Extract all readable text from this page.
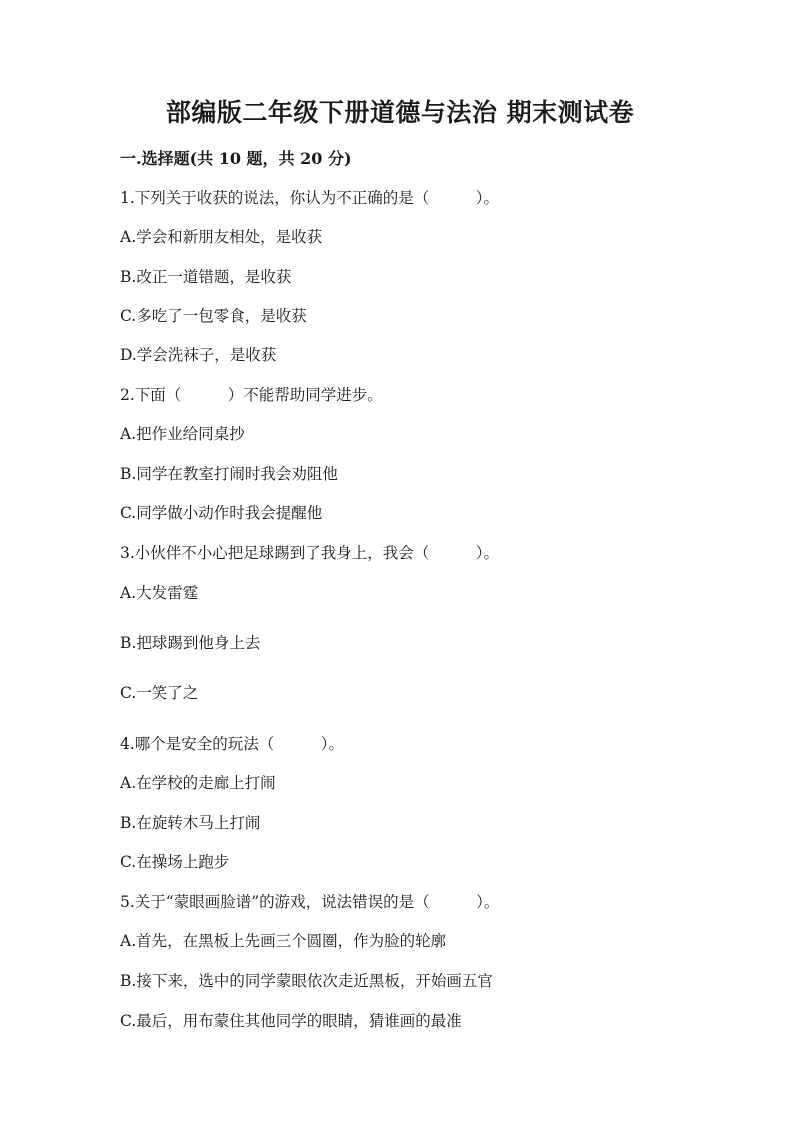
部编版二年级下册道德与法治 期末测试卷

一.选择题(共 10 题，共 20 分)

1.下列关于收获的说法，你认为不正确的是（　　　）。

A.学会和新朋友相处，是收获

B.改正一道错题，是收获

C.多吃了一包零食，是收获

D.学会洗袜子，是收获

2.下面（　　　）不能帮助同学进步。

A.把作业给同桌抄

B.同学在教室打闹时我会劝阻他

C.同学做小动作时我会提醒他

3.小伙伴不小心把足球踢到了我身上，我会（　　　）。

A.大发雷霆

B.把球踢到他身上去

C.一笑了之

4.哪个是安全的玩法（　　　）。

A.在学校的走廊上打闹

B.在旋转木马上打闹

C.在操场上跑步

5.关于“蒙眼画脸谱”的游戏，说法错误的是（　　　）。

A.首先，在黑板上先画三个圆圈，作为脸的轮廓

B.接下来，选中的同学蒙眼依次走近黑板，开始画五官

C.最后，用布蒙住其他同学的眼睛，猜谁画的最准
